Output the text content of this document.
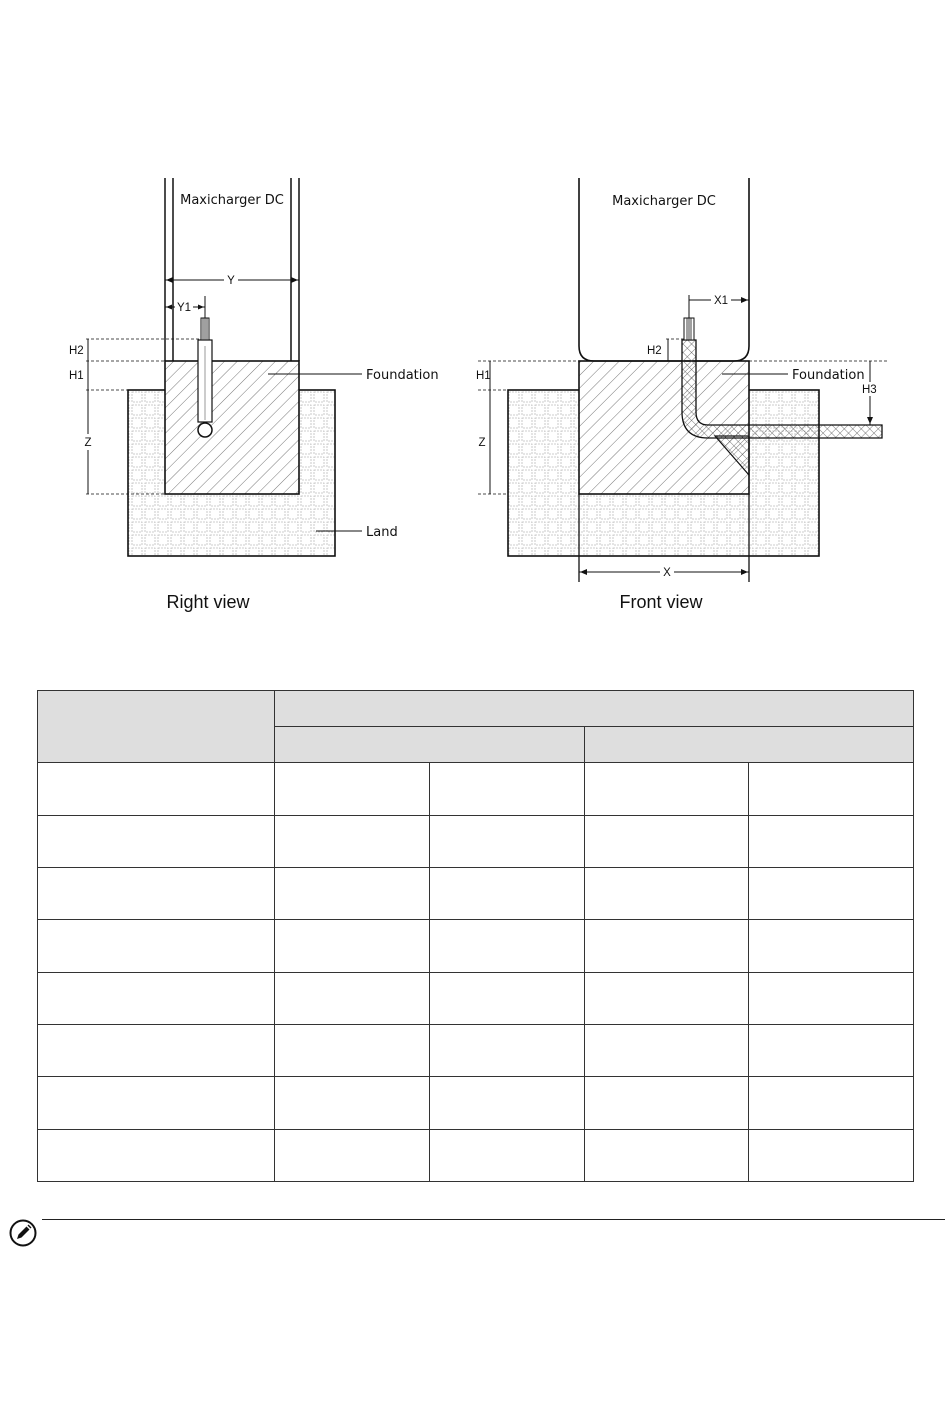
Y
Y1
H2
H1
Z
Foundation
Land
Maxicharger DC
Right view
X1
X
H2
H1
Z
H3
Foundation
Maxicharger DC
Front view
